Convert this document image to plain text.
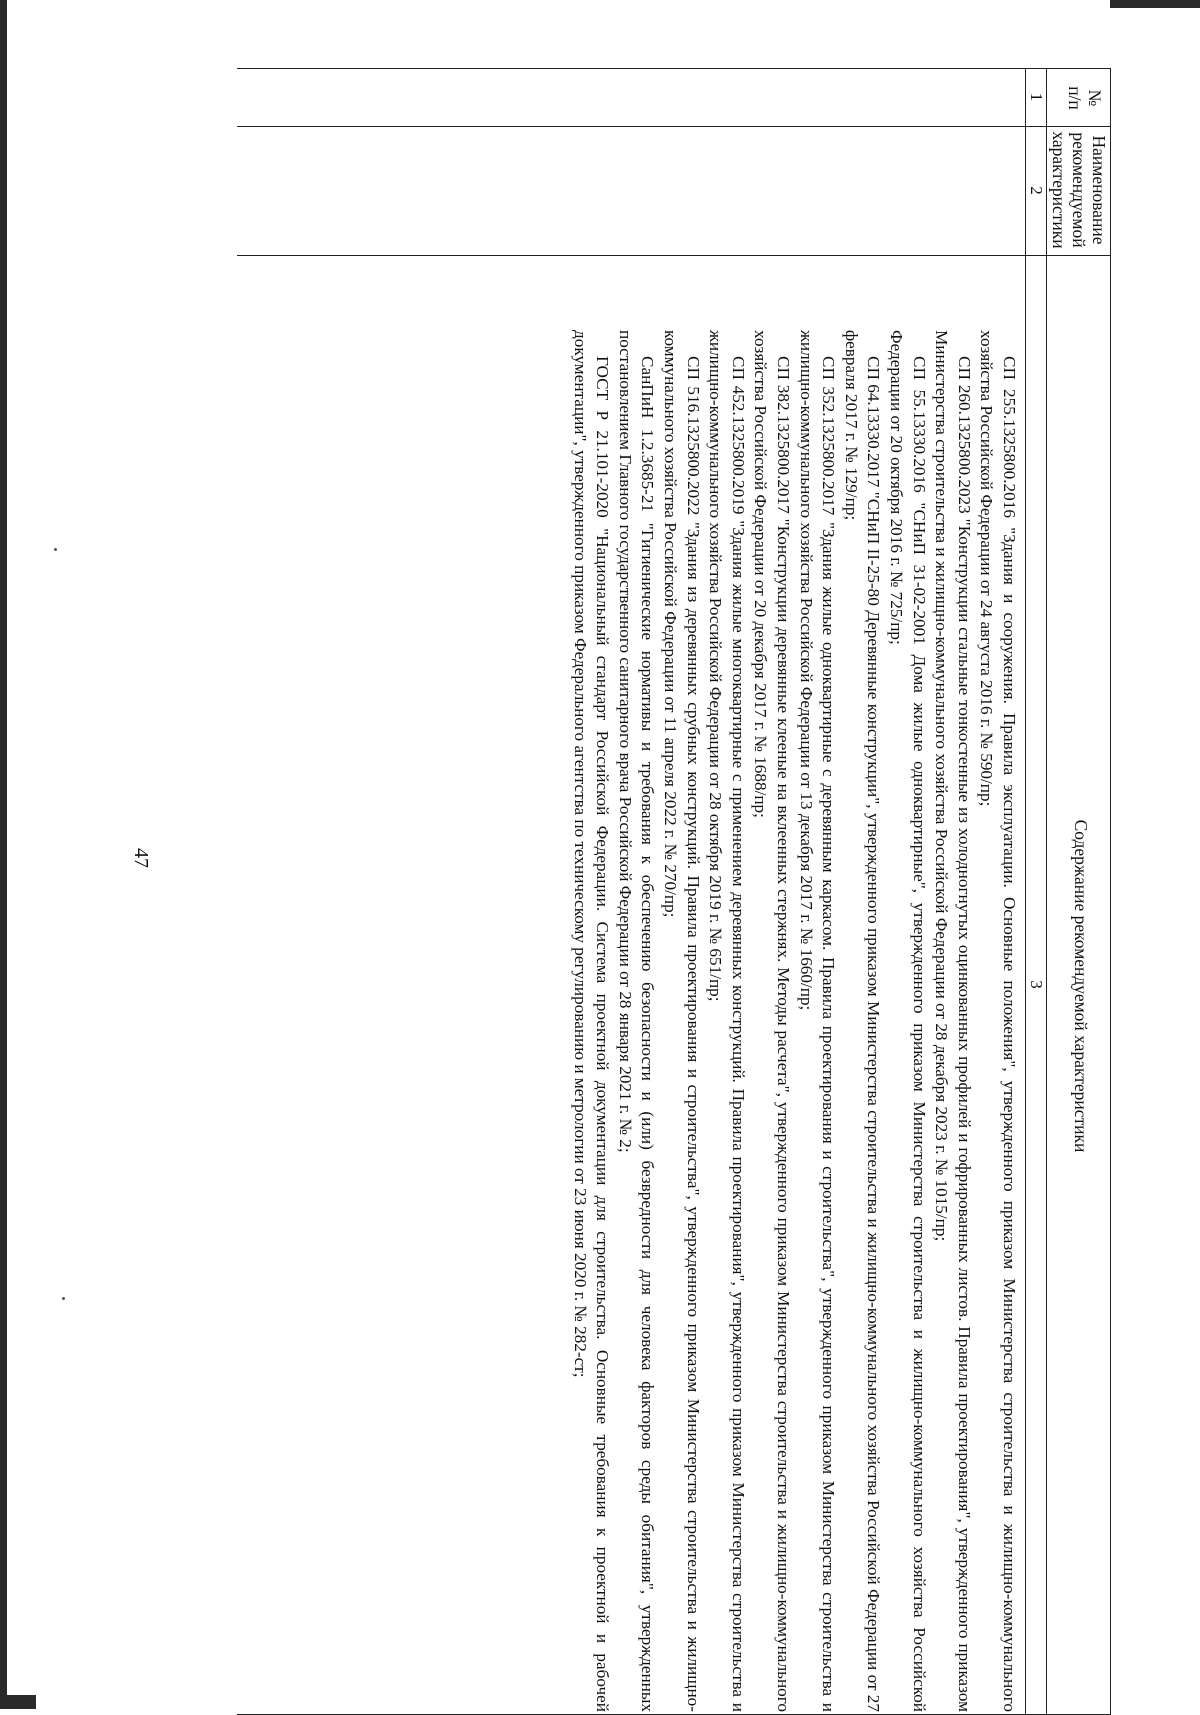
47
№ п/п
Наименование рекомендуемой характеристики
Содержание рекомендуемой характеристики
1
2
3

СП 255.1325800.2016 "Здания и сооружения. Правила эксплуатации. Основные положения", утвержденного приказом Министерства строительства и жилищно-коммунального хозяйства Российской Федерации от 24 августа 2016 г. № 590/пр;

СП 260.1325800.2023 "Конструкции стальные тонкостенные из холодногнутых оцинкованных профилей и гофрированных листов. Правила проектирования", утвержденного приказом Министерства строительства и жилищно-коммунального хозяйства Российской Федерации от 28 декабря 2023 г. № 1015/пр;

СП 55.13330.2016 "СНиП 31-02-2001 Дома жилые одноквартирные", утвержденного приказом Министерства строительства и жилищно-коммунального хозяйства Российской Федерации от 20 октября 2016 г. № 725/пр;

СП 64.13330.2017 "СНиП II-25-80 Деревянные конструкции", утвержденного приказом Министерства строительства и жилищно-коммунального хозяйства Российской Федерации от 27 февраля 2017 г. № 129/пр;

СП 352.1325800.2017 "Здания жилые одноквартирные с деревянным каркасом. Правила проектирования и строительства", утвержденного приказом Министерства строительства и жилищно-коммунального хозяйства Российской Федерации от 13 декабря 2017 г. № 1660/пр;

СП 382.1325800.2017 "Конструкции деревянные клееные на вклеенных стержнях. Методы расчета", утвержденного приказом Министерства строительства и жилищно-коммунального хозяйства Российской Федерации от 20 декабря 2017 г. № 1688/пр;

СП 452.1325800.2019 "Здания жилые многоквартирные с применением деревянных конструкций. Правила проектирования", утвержденного приказом Министерства строительства и жилищно-коммунального хозяйства Российской Федерации от 28 октября 2019 г. № 651/пр;

СП 516.1325800.2022 "Здания из деревянных срубных конструкций. Правила проектирования и строительства", утвержденного приказом Министерства строительства и жилищно-коммунального хозяйства Российской Федерации от 11 апреля 2022 г. № 270/пр;

СанПиН 1.2.3685-21 "Гигиенические нормативы и требования к обеспечению безопасности и (или) безвредности для человека факторов среды обитания", утвержденных постановлением Главного государственного санитарного врача Российской Федерации от 28 января 2021 г. № 2;

ГОСТ Р 21.101-2020 "Национальный стандарт Российской Федерации. Система проектной документации для строительства. Основные требования к проектной и рабочей документации", утвержденного приказом Федерального агентства по техническому регулированию и метрологии от 23 июня 2020 г. № 282-ст;
